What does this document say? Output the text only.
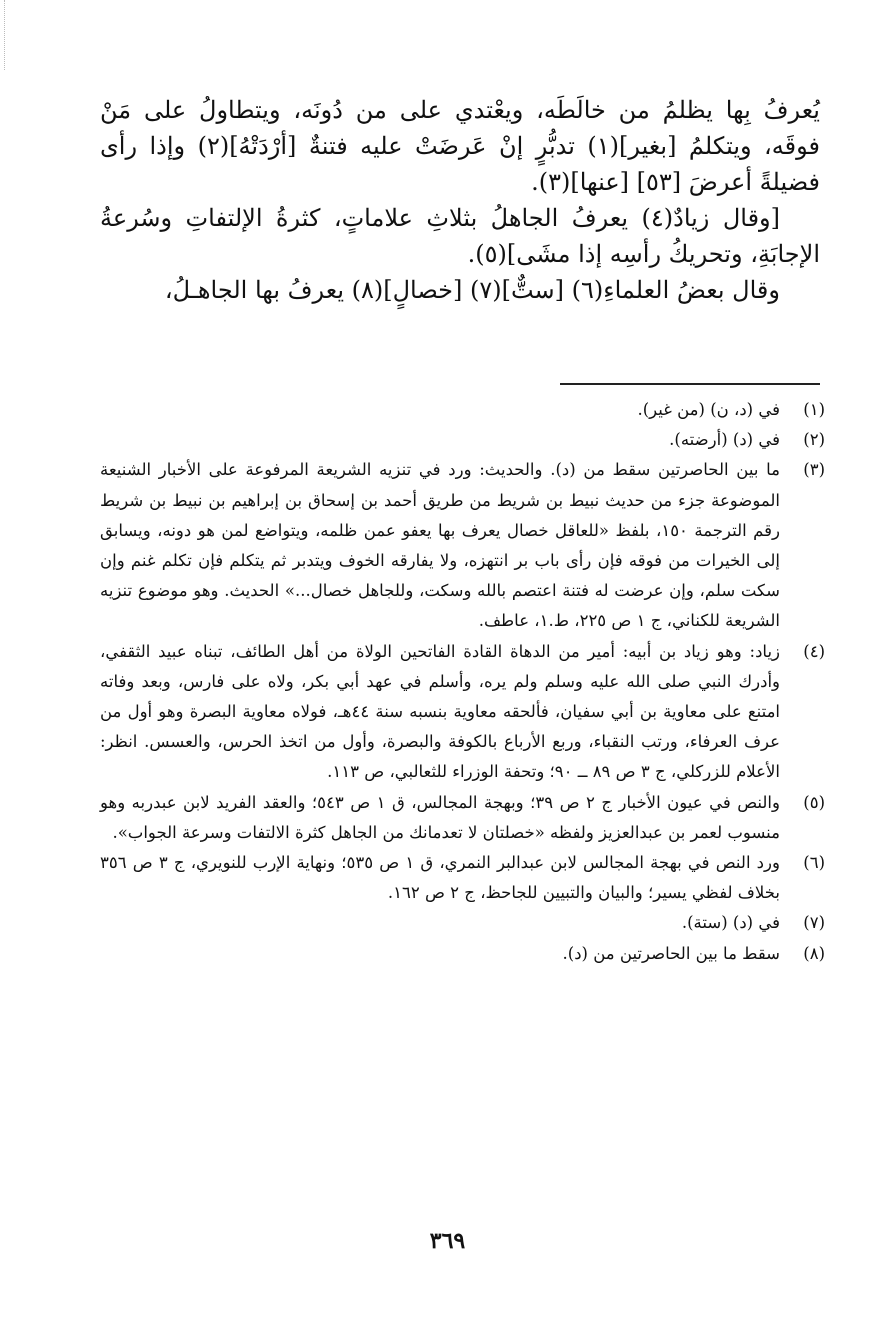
يُعرفُ بِها يظلمُ من خالَطَه، ويعْتدي على من دُونَه، ويتطاولُ على مَنْ فوقَه، ويتكلمُ [بغير](١) تدبُّرٍ إنْ عَرضَتْ عليه فتنةٌ [أرْدَتْهُ](٢) وإذا رأى فضيلةً أعرضَ [٥٣] [عنها](٣).

[وقال زيادٌ(٤) يعرفُ الجاهلُ بثلاثِ علاماتٍ، كثرةُ الإلتفاتِ وسُرعةُ الإجابَةِ، وتحريكُ رأسِه إذا مشَى](٥).

وقال بعضُ العلماءِ(٦) [ستٌّ](٧) [خصالٍ](٨) يعرفُ بها الجاهـلُ،

(١)
في (د، ن) (من غير).
(٢)
في (د) (أرضته).
(٣)
ما بين الحاصرتين سقط من (د). والحديث: ورد في تنزيه الشريعة المرفوعة على الأخبار الشنيعة الموضوعة جزء من حديث نبيط بن شريط من طريق أحمد بن إسحاق بن إبراهيم بن نبيط بن شريط رقم الترجمة ١٥٠، بلفظ «للعاقل خصال يعرف بها يعفو عمن ظلمه، ويتواضع لمن هو دونه، ويسابق إلى الخيرات من فوقه فإن رأى باب بر انتهزه، ولا يفارقه الخوف ويتدبر ثم يتكلم فإن تكلم غنم وإن سكت سلم، وإن عرضت له فتنة اعتصم بالله وسكت، وللجاهل خصال...» الحديث. وهو موضوع تنزيه الشريعة للكناني، ج ١ ص ٢٢٥، ط.١، عاطف.
(٤)
زياد: وهو زياد بن أبيه: أمير من الدهاة القادة الفاتحين الولاة من أهل الطائف، تبناه عبيد الثقفي، وأدرك النبي صلى الله عليه وسلم ولم يره، وأسلم في عهد أبي بكر، ولاه على فارس، وبعد وفاته امتنع على معاوية بن أبي سفيان، فألحقه معاوية بنسبه سنة ٤٤هـ، فولاه معاوية البصرة وهو أول من عرف العرفاء، ورتب النقباء، وربع الأرباع بالكوفة والبصرة، وأول من اتخذ الحرس، والعسس. انظر: الأعلام للزركلي، ج ٣ ص ٨٩ ــ ٩٠؛ وتحفة الوزراء للثعالبي، ص ١١٣.
(٥)
والنص في عيون الأخبار ج ٢ ص ٣٩؛ وبهجة المجالس، ق ١ ص ٥٤٣؛ والعقد الفريد لابن عبدربه وهو منسوب لعمر بن عبدالعزيز ولفظه «خصلتان لا تعدمانك من الجاهل كثرة الالتفات وسرعة الجواب».
(٦)
ورد النص في بهجة المجالس لابن عبدالبر النمري، ق ١ ص ٥٣٥؛ ونهاية الإرب للنويري، ج ٣ ص ٣٥٦ بخلاف لفظي يسير؛ والبيان والتبيين للجاحظ، ج ٢ ص ١٦٢.
(٧)
في (د) (ستة).
(٨)
سقط ما بين الحاصرتين من (د).
٣٦٩
